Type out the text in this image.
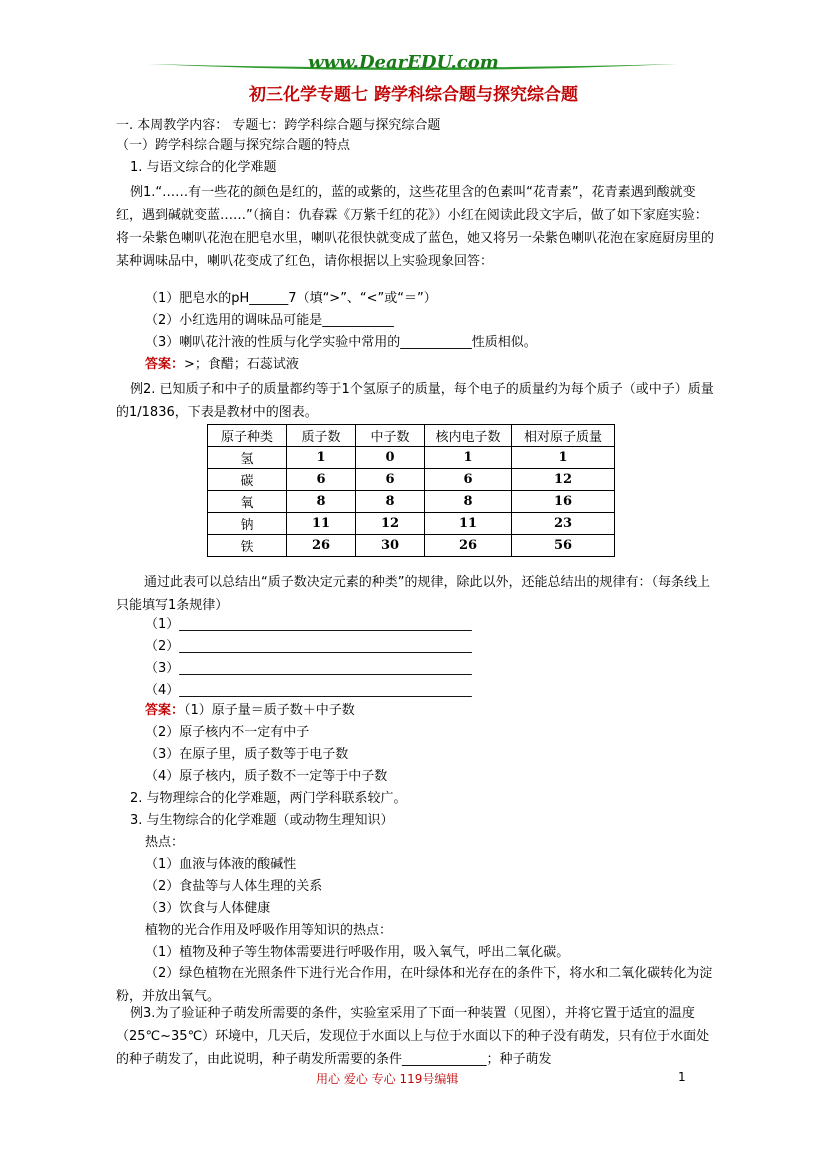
www.DearEDU.com
初三化学专题七 跨学科综合题与探究综合题
一. 本周教学内容： 专题七：跨学科综合题与探究综合题
（一）跨学科综合题与探究综合题的特点
1. 与语文综合的化学难题
例1.“……有一些花的颜色是红的，蓝的或紫的，这些花里含的色素叫“花青素”，花青素遇到酸就变红，遇到碱就变蓝……”（摘自：仇春霖《万紫千红的花》）小红在阅读此段文字后，做了如下家庭实验：将一朵紫色喇叭花泡在肥皂水里，喇叭花很快就变成了蓝色，她又将另一朵紫色喇叭花泡在家庭厨房里的某种调味品中，喇叭花变成了红色，请你根据以上实验现象回答：
（1）肥皂水的pH______7（填“>”、“<”或“＝”）
（2）小红选用的调味品可能是___________
（3）喇叭花汁液的性质与化学实验中常用的___________性质相似。
答案：>；食醋；石蕊试液
例2. 已知质子和中子的质量都约等于1个氢原子的质量，每个电子的质量约为每个质子（或中子）质量的1/1836，下表是教材中的图表。
原子种类	质子数	中子数	核内电子数	相对原子质量
氢	1	0	1	1
碳	6	6	6	12
氧	8	8	8	16
钠	11	12	11	23
铁	26	30	26	56
通过此表可以总结出“质子数决定元素的种类”的规律，除此以外，还能总结出的规律有：（每条线上只能填写1条规律）
（1）_____________________________________________
（2）_____________________________________________
（3）_____________________________________________
（4）_____________________________________________
答案：（1）原子量＝质子数＋中子数
（2）原子核内不一定有中子
（3）在原子里，质子数等于电子数
（4）原子核内，质子数不一定等于中子数
2. 与物理综合的化学难题，两门学科联系较广。
3. 与生物综合的化学难题（或动物生理知识）
热点：
（1）血液与体液的酸碱性
（2）食盐等与人体生理的关系
（3）饮食与人体健康
植物的光合作用及呼吸作用等知识的热点：
（1）植物及种子等生物体需要进行呼吸作用，吸入氧气，呼出二氧化碳。
（2）绿色植物在光照条件下进行光合作用，在叶绿体和光存在的条件下，将水和二氧化碳转化为淀粉，并放出氧气。
例3.为了验证种子萌发所需要的条件，实验室采用了下面一种装置（见图），并将它置于适宜的温度（25℃~35℃）环境中，几天后，发现位于水面以上与位于水面以下的种子没有萌发，只有位于水面处的种子萌发了，由此说明，种子萌发所需要的条件_____________；种子萌发
用心 爱心 专心 119号编辑	1
